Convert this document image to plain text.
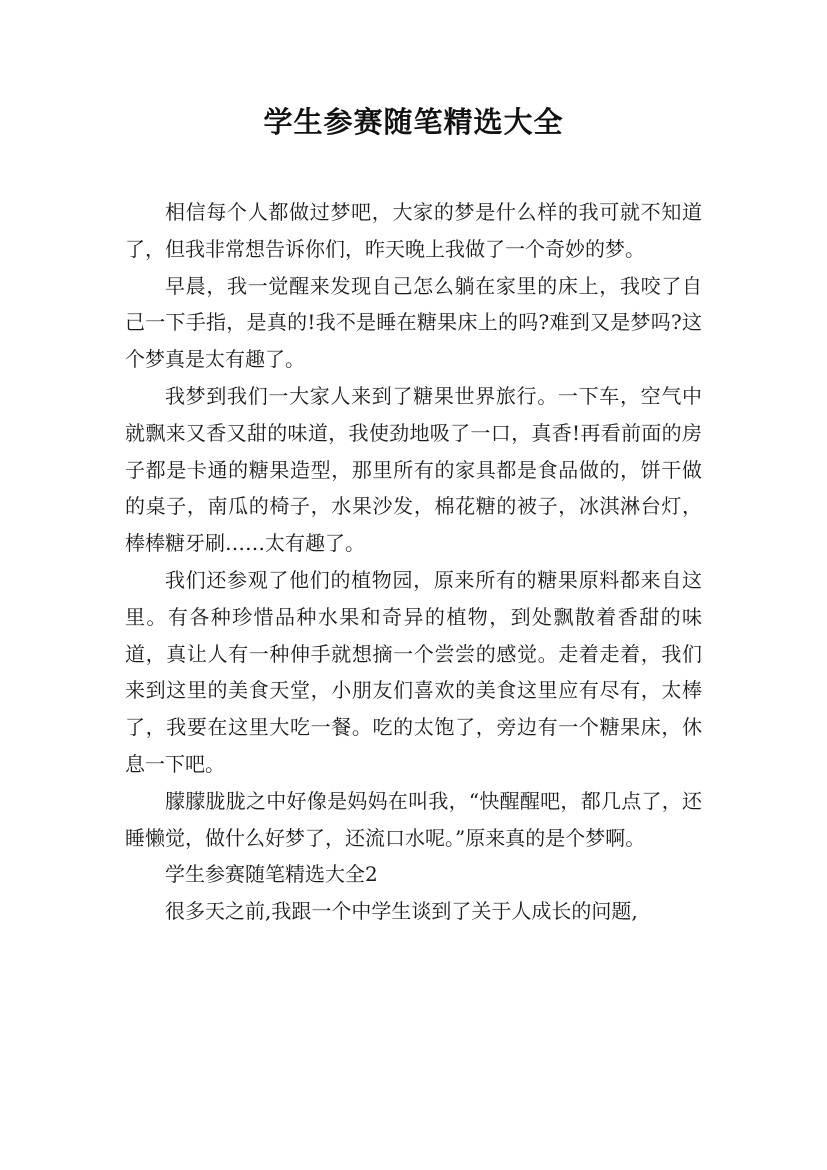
学生参赛随笔精选大全

相信每个人都做过梦吧，大家的梦是什么样的我可就不知道了，但我非常想告诉你们，昨天晚上我做了一个奇妙的梦。

早晨，我一觉醒来发现自己怎么躺在家里的床上，我咬了自己一下手指，是真的!我不是睡在糖果床上的吗?难到又是梦吗?这个梦真是太有趣了。

我梦到我们一大家人来到了糖果世界旅行。一下车，空气中就飘来又香又甜的味道，我使劲地吸了一口，真香!再看前面的房子都是卡通的糖果造型，那里所有的家具都是食品做的，饼干做的桌子，南瓜的椅子，水果沙发，棉花糖的被子，冰淇淋台灯，棒棒糖牙刷……太有趣了。

我们还参观了他们的植物园，原来所有的糖果原料都来自这里。有各种珍惜品种水果和奇异的植物，到处飘散着香甜的味道，真让人有一种伸手就想摘一个尝尝的感觉。走着走着，我们来到这里的美食天堂，小朋友们喜欢的美食这里应有尽有，太棒了，我要在这里大吃一餐。吃的太饱了，旁边有一个糖果床，休息一下吧。

朦朦胧胧之中好像是妈妈在叫我，“快醒醒吧，都几点了，还睡懒觉，做什么好梦了，还流口水呢。”原来真的是个梦啊。

学生参赛随笔精选大全2

很多天之前,我跟一个中学生谈到了关于人成长的问题,
